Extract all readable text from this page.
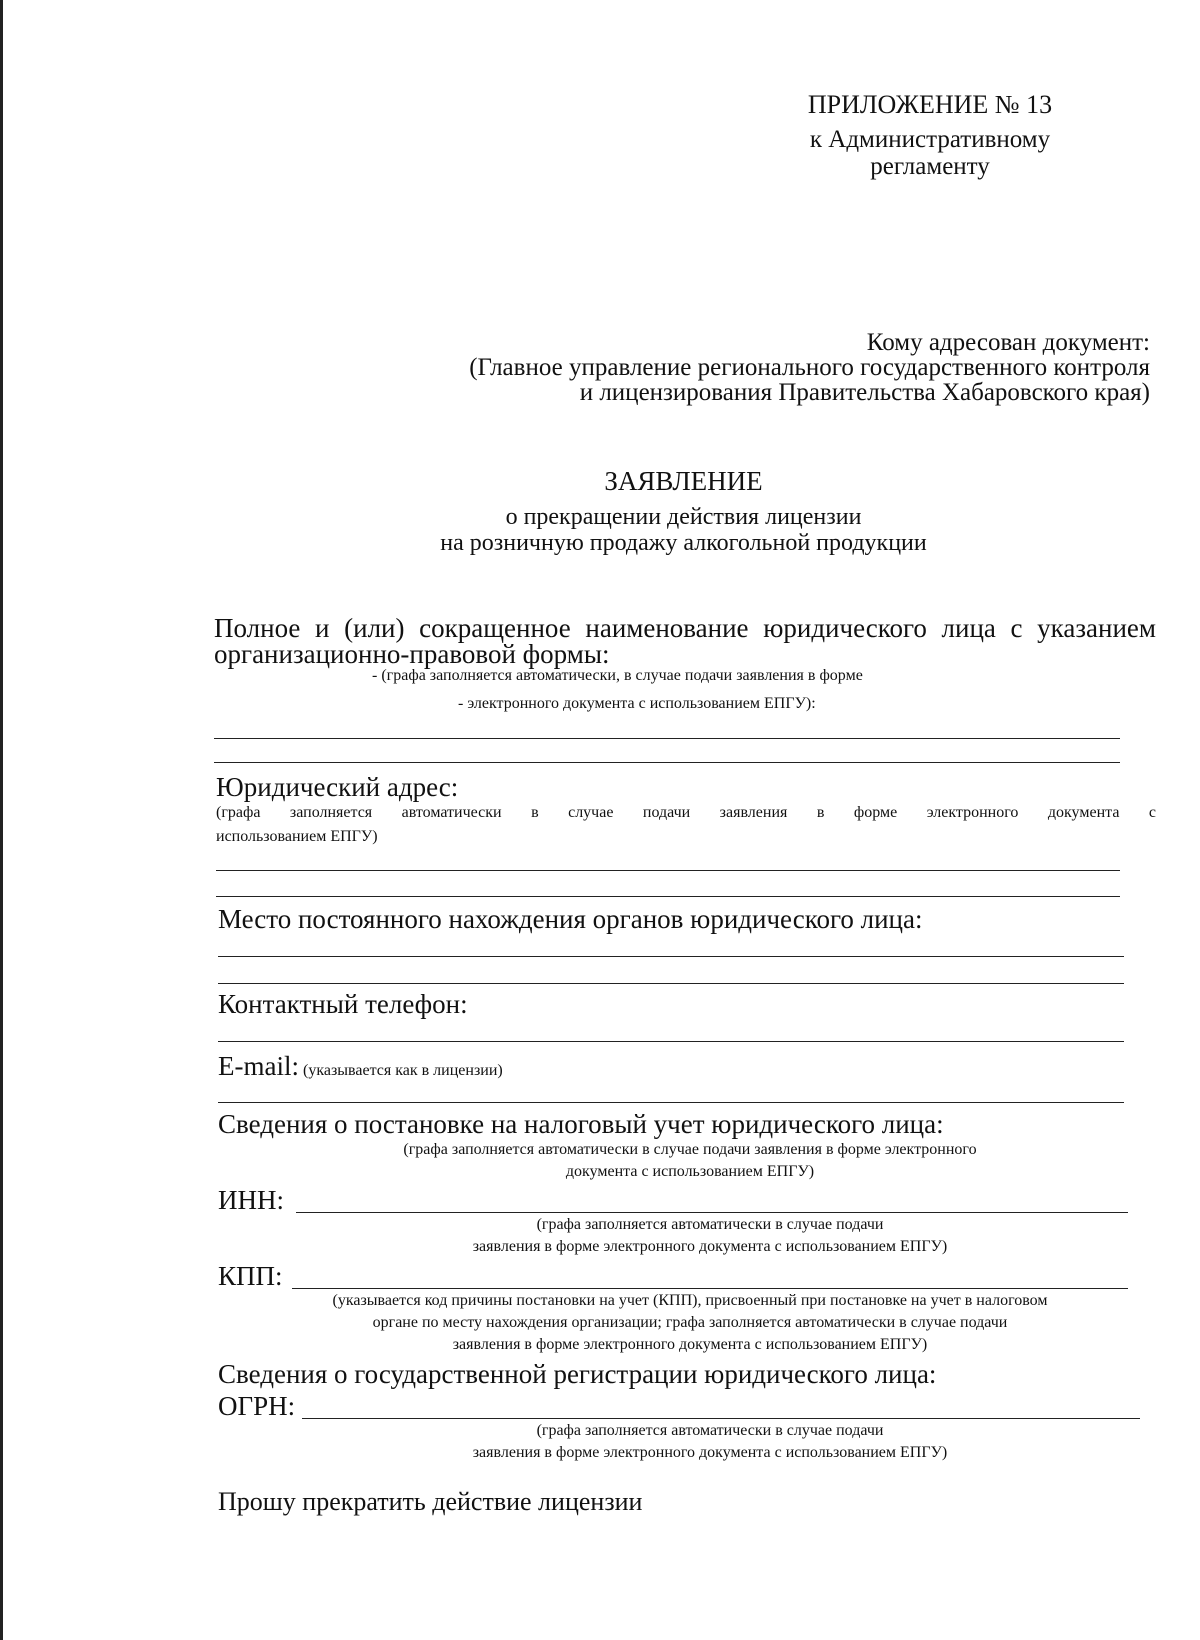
ПРИЛОЖЕНИЕ № 13
к Административному
регламенту
Кому адресован документ:
(Главное управление регионального государственного контроля
и лицензирования Правительства Хабаровского края)
ЗАЯВЛЕНИЕ
о прекращении действия лицензии
на розничную продажу алкогольной продукции
Полное и (или) сокращенное наименование юридического лица с указанием
организационно-правовой формы:
- (графа заполняется автоматически, в случае подачи заявления в форме
- электронного документа с использованием ЕПГУ):
Юридический адрес:
(графа заполняется автоматически в случае подачи заявления в форме электронного документа с
использованием ЕПГУ)
Место постоянного нахождения органов юридического лица:
Контактный телефон:
E-mail: (указывается как в лицензии)
Сведения о постановке на налоговый учет юридического лица:
(графа заполняется автоматически в случае подачи заявления в форме электронного
документа с использованием ЕПГУ)
ИНН:
(графа заполняется автоматически в случае подачи
заявления в форме электронного документа с использованием ЕПГУ)
КПП:
(указывается код причины постановки на учет (КПП), присвоенный при постановке на учет в налоговом
органе по месту нахождения организации; графа заполняется автоматически в случае подачи
заявления в форме электронного документа с использованием ЕПГУ)
Сведения о государственной регистрации юридического лица:
ОГРН:
(графа заполняется автоматически в случае подачи
заявления в форме электронного документа с использованием ЕПГУ)
Прошу прекратить действие лицензии
